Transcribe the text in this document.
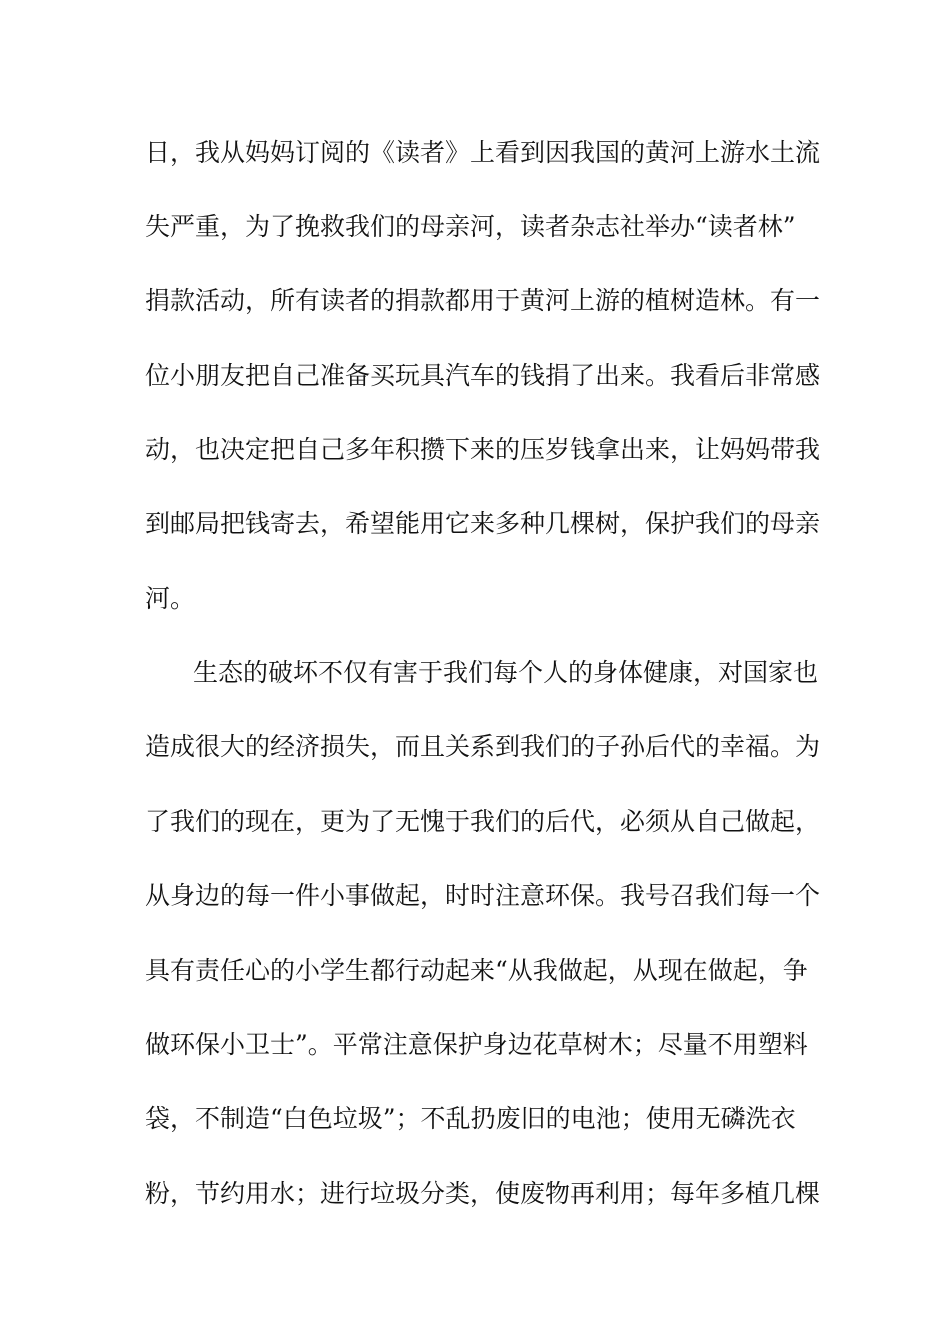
日，我从妈妈订阅的《读者》上看到因我国的黄河上游水土流
失严重，为了挽救我们的母亲河，读者杂志社举办“读者林”
捐款活动，所有读者的捐款都用于黄河上游的植树造林。有一
位小朋友把自己准备买玩具汽车的钱捐了出来。我看后非常感
动，也决定把自己多年积攒下来的压岁钱拿出来，让妈妈带我
到邮局把钱寄去，希望能用它来多种几棵树，保护我们的母亲
河。
生态的破坏不仅有害于我们每个人的身体健康，对国家也
造成很大的经济损失，而且关系到我们的子孙后代的幸福。为
了我们的现在，更为了无愧于我们的后代，必须从自己做起，
从身边的每一件小事做起，时时注意环保。我号召我们每一个
具有责任心的小学生都行动起来“从我做起，从现在做起，争
做环保小卫士”。平常注意保护身边花草树木；尽量不用塑料
袋，不制造“白色垃圾”；不乱扔废旧的电池；使用无磷洗衣
粉，节约用水；进行垃圾分类，使废物再利用；每年多植几棵
